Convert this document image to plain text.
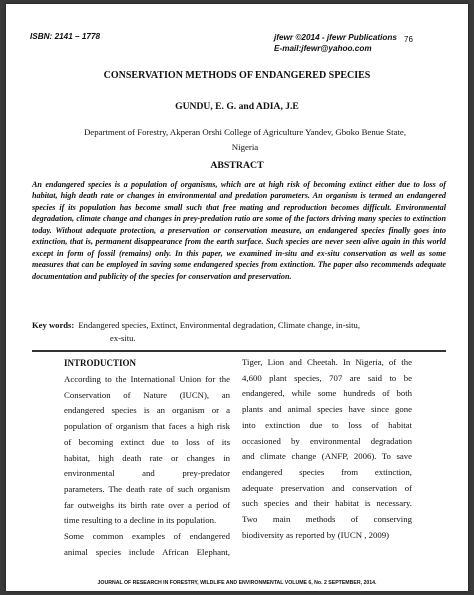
ISBN: 2141 – 1778	jfewr ©2014 - jfewr Publications
E-mail:jfewr@yahoo.com
76
CONSERVATION METHODS OF ENDANGERED SPECIES
GUNDU, E. G. and ADIA, J.E
Department of Forestry, Akperan Orshi College of Agriculture Yandev, Gboko Benue State,
Nigeria
ABSTRACT
An endangered species is a population of organisms, which are at high risk of becoming extinct either due to loss of habitat, high death rate or changes in environmental and predation parameters. An organism is termed an endangered species if its population has become small such that free mating and reproduction becomes difficult. Environmental degradation, climate change and changes in prey-predation ratio are some of the factors driving many species to extinction today. Without adequate protection, a preservation or conservation measure, an endangered species finally goes into extinction, that is, permanent disappearance from the earth surface. Such species are never seen alive again in this world except in form of fossil (remains) only. In this paper, we examined in-situ and ex-situ conservation as well as some measures that can be employed in saving some endangered species from extinction. The paper also recommends adequate documentation and publicity of the species for conservation and preservation.
Key words: Endangered species, Extinct, Environmental degradation, Climate change, in-situ,
ex-situ.
INTRODUCTION
According to the International Union for the
Conservation of Nature (IUCN), an
endangered species is an organism or a
population of organism that faces a high risk
of becoming extinct due to loss of its
habitat, high death rate or changes in
environmental and prey-predator
parameters. The death rate of such organism
far outweighs its birth rate over a period of
time resulting to a decline in its population.
Some common examples of endangered
animal species include African Elephant,
Tiger, Lion and Cheetah. In Nigeria, of the
4,600 plant species, 707 are said to be
endangered, while some hundreds of both
plants and animal species have since gone
into extinction due to loss of habitat
occasioned by environmental degradation
and climate change (ANFP, 2006). To save
endangered species from extinction,
adequate preservation and conservation of
such species and their habitat is necessary.
Two main methods of conserving
biodiversity as reported by (IUCN , 2009)
JOURNAL OF RESEARCH IN FORESTRY, WILDLIFE AND ENVIRONMENTAL VOLUME 6, No. 2 SEPTEMBER, 2014.
